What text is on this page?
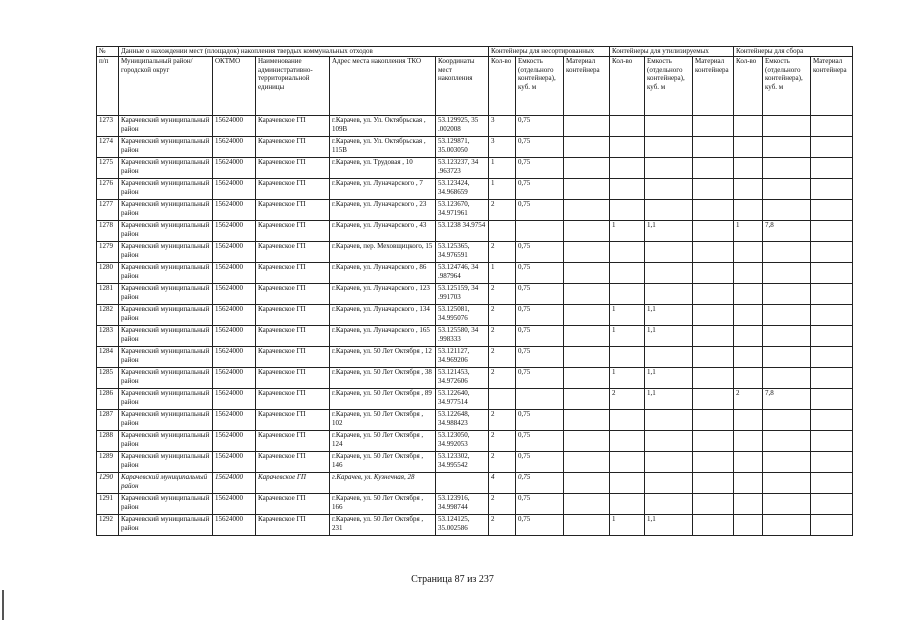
№	Данные о нахождении мест (площадок) накопления твердых коммунальных отходов					Контейнеры для несортированных			Контейнеры для утилизируемых			Контейнеры для сбора		
п/п	Муниципальный район/городской округ	ОКТМО	Наименование административно-территориальной единицы	Адрес места накопления ТКО	Координаты мест накопления	Кол-во	Емкость (отдельного контейнера), куб. м	Материал контейнера	Кол-во	Емкость (отдельного контейнера), куб. м	Материал контейнера	Кол-во	Емкость (отдельного контейнера), куб. м	Материал контейнера
1273	Карачевский муниципальный район	15624000	Карачевское ГП	г.Карачев, ул. Ул. Октябрьская , 109В	53.129925, 35 .002008	3	0,75							
1274	Карачевский муниципальный район	15624000	Карачевское ГП	г.Карачев, ул. Ул. Октябрьская , 115В	53.129871, 35.003050	3	0,75							
1275	Карачевский муниципальный район	15624000	Карачевское ГП	г.Карачев, ул. Трудовая , 10	53.123237, 34 .963723	1	0,75							
1276	Карачевский муниципальный район	15624000	Карачевское ГП	г.Карачев, ул. Луначарского , 7	53.123424, 34.968659	1	0,75							
1277	Карачевский муниципальный район	15624000	Карачевское ГП	г.Карачев, ул. Луначарского , 23	53.123670, 34.971961	2	0,75							
1278	Карачевский муниципальный район	15624000	Карачевское ГП	г.Карачев, ул. Луначарского , 43	53.1238 34.9754				1	1,1		1	7,8	
1279	Карачевский муниципальный район	15624000	Карачевское ГП	г.Карачев, пер. Меховщицкого, 15	53.125365, 34.976591	2	0,75							
1280	Карачевский муниципальный район	15624000	Карачевское ГП	г.Карачев, ул. Луначарского , 86	53.124746, 34 .987964	1	0,75							
1281	Карачевский муниципальный район	15624000	Карачевское ГП	г.Карачев, ул. Луначарского , 123	53.125159, 34 .991703	2	0,75							
1282	Карачевский муниципальный район	15624000	Карачевское ГП	г.Карачев, ул. Луначарского , 134	53.125081, 34.995076	2	0,75		1	1,1				
1283	Карачевский муниципальный район	15624000	Карачевское ГП	г.Карачев, ул. Луначарского , 165	53.125580, 34 .998333	2	0,75		1	1,1				
1284	Карачевский муниципальный район	15624000	Карачевское ГП	г.Карачев, ул. 50 Лет Октября , 12	53.121127, 34.969206	2	0,75							
1285	Карачевский муниципальный район	15624000	Карачевское ГП	г.Карачев, ул. 50 Лет Октября , 38	53.121453, 34.972606	2	0,75		1	1,1				
1286	Карачевский муниципальный район	15624000	Карачевское ГП	г.Карачев, ул. 50 Лет Октября , 89	53.122640, 34.977514				2	1,1		2	7,8	
1287	Карачевский муниципальный район	15624000	Карачевское ГП	г.Карачев, ул. 50 Лет Октября , 102	53.122648, 34.988423	2	0,75							
1288	Карачевский муниципальный район	15624000	Карачевское ГП	г.Карачев, ул. 50 Лет Октября , 124	53.123050, 34.992053	2	0,75							
1289	Карачевский муниципальный район	15624000	Карачевское ГП	г.Карачев, ул. 50 Лет Октября , 146	53.123302, 34.995542	2	0,75							
1290	Карачевский муниципальный район	15624000	Карачевское ГП	г.Карачев, ул. Кузнечная, 28		4	0,75							
1291	Карачевский муниципальный район	15624000	Карачевское ГП	г.Карачев, ул. 50 Лет Октября , 166	53.123916, 34.998744	2	0,75							
1292	Карачевский муниципальный район	15624000	Карачевское ГП	г.Карачев, ул. 50 Лет Октября , 231	53.124125, 35.002586	2	0,75		1	1,1				
Страница 87 из 237
